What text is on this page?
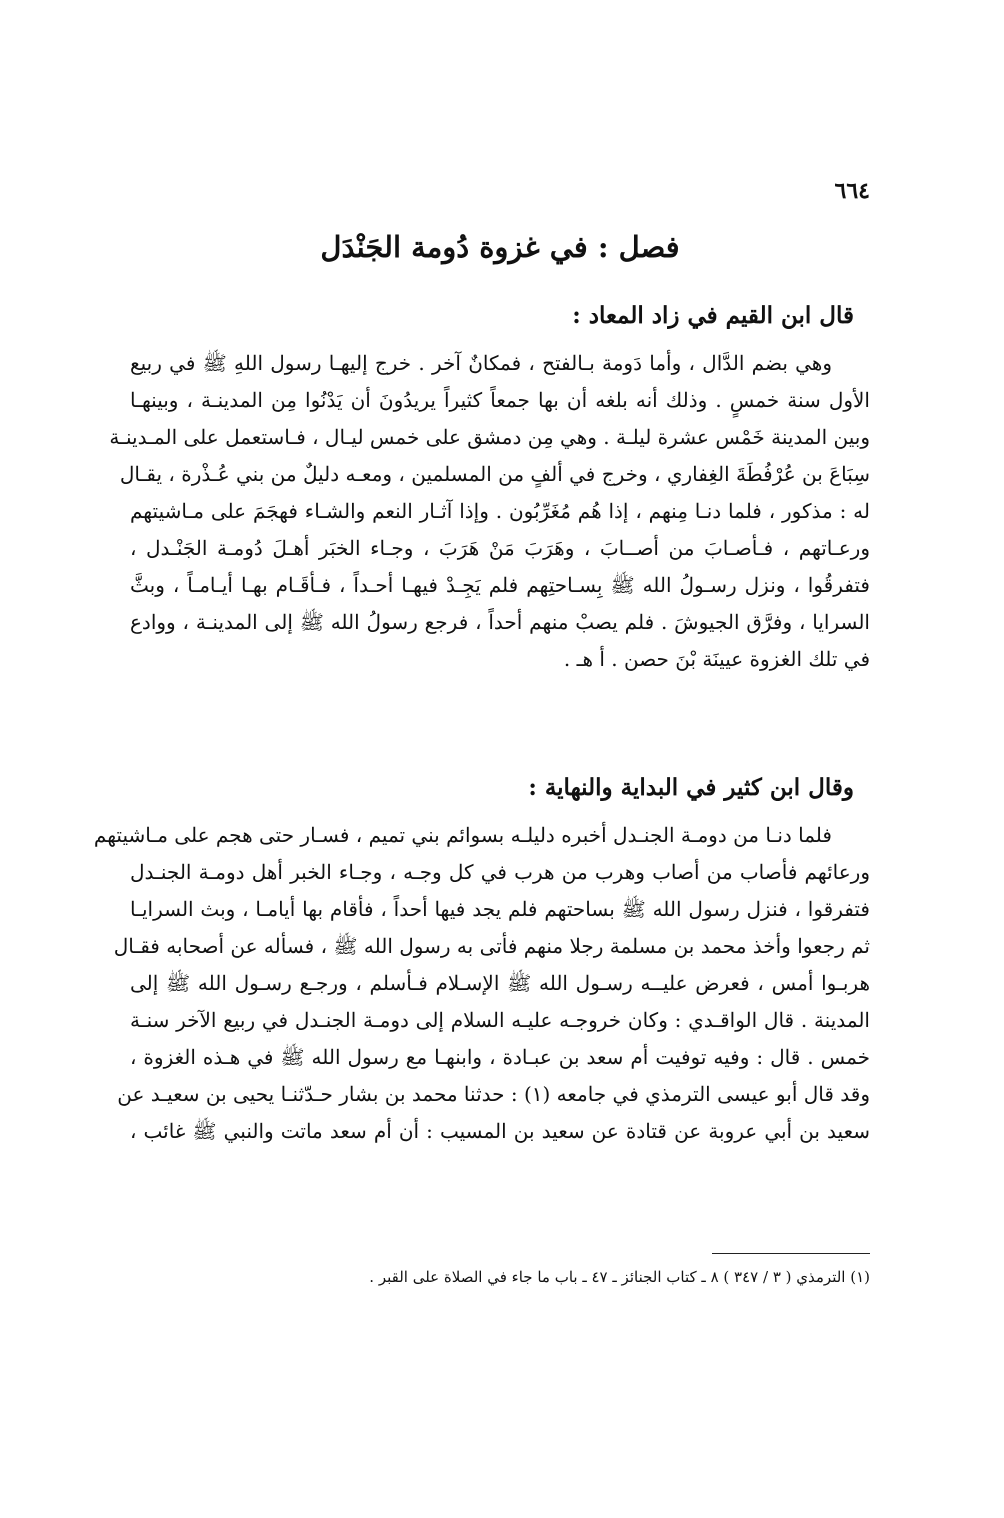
٦٦٤
فصل : في غزوة دُومة الجَنْدَل
قال ابن القيم في زاد المعاد :
وهي بضم الدَّال ، وأما دَومة بـالفتح ، فمكانٌ آخر . خرج إليهـا رسول اللهِ ﷺ في ربيع
الأول سنة خمسٍ . وذلك أنه بلغه أن بها جمعاً كثيراً يريدُونَ أن يَدْنُوا مِن المدينـة ، وبينهـا
وبين المدينة خَمْس عشرة ليلـة . وهي مِن دمشق على خمس ليـال ، فـاستعمل على المـدينـة
سِبَاعَ بن عُرْفُطَةَ الغِفاري ، وخرج في ألفٍ من المسلمين ، ومعـه دليلٌ من بني عُـذْرة ، يقـال
له : مذكور ، فلما دنـا مِنهم ، إذا هُم مُغَرِّبُون . وإذا آثـار النعم والشـاء فهجَمَ على مـاشيتهم
ورعـاتهم ، فـأصـابَ من أصــابَ ، وهَرَبَ مَنْ هَرَبَ ، وجـاء الخبَر أهـلَ دُومـة الجَنْـدل ،
فتفرقُوا ، ونزل رسـولُ الله ﷺ بِسـاحتِهم فلم يَجِـدْ فيهـا أحـداً ، فـأقَـام بهـا أيـامـاً ، وبثَّ
السرايا ، وفرَّق الجيوشَ . فلم يصبْ منهم أحداً ، فرجع رسولُ الله ﷺ إلى المدينـة ، ووادع
في تلك الغزوة عيينَة بْنَ حصن . أ هـ .
وقال ابن كثير في البداية والنهاية :
فلما دنـا من دومـة الجنـدل أخبره دليلـه بسوائم بني تميم ، فسـار حتى هجم على مـاشيتهم
ورعائهم فأصاب من أصاب وهرب من هرب في كل وجـه ، وجـاء الخبر أهل دومـة الجنـدل
فتفرقوا ، فنزل رسول الله ﷺ بساحتهم فلم يجد فيها أحداً ، فأقام بها أيامـا ، وبث السرايـا
ثم رجعوا وأخذ محمد بن مسلمة رجلا منهم فأتى به رسول الله ﷺ ، فسأله عن أصحابه فقـال
هربـوا أمس ، فعرض عليــه رسـول الله ﷺ الإسـلام فـأسلم ، ورجـع رسـول الله ﷺ إلى
المدينة . قال الواقـدي : وكان خروجـه عليـه السلام إلى دومـة الجنـدل في ربيع الآخر سنـة
خمس . قال : وفيه توفيت أم سعد بن عبـادة ، وابنهـا مع رسول الله ﷺ في هـذه الغزوة ،
وقد قال أبو عيسى الترمذي في جامعه (١) : حدثنا محمد بن بشار حـدّثنـا يحيى بن سعيـد عن
سعيد بن أبي عروبة عن قتادة عن سعيد بن المسيب : أن أم سعد ماتت والنبي ﷺ غائب ،
(١) الترمذي ( ٣ / ٣٤٧ ) ٨ ـ كتاب الجنائز ـ ٤٧ ـ باب ما جاء في الصلاة على القبر .
